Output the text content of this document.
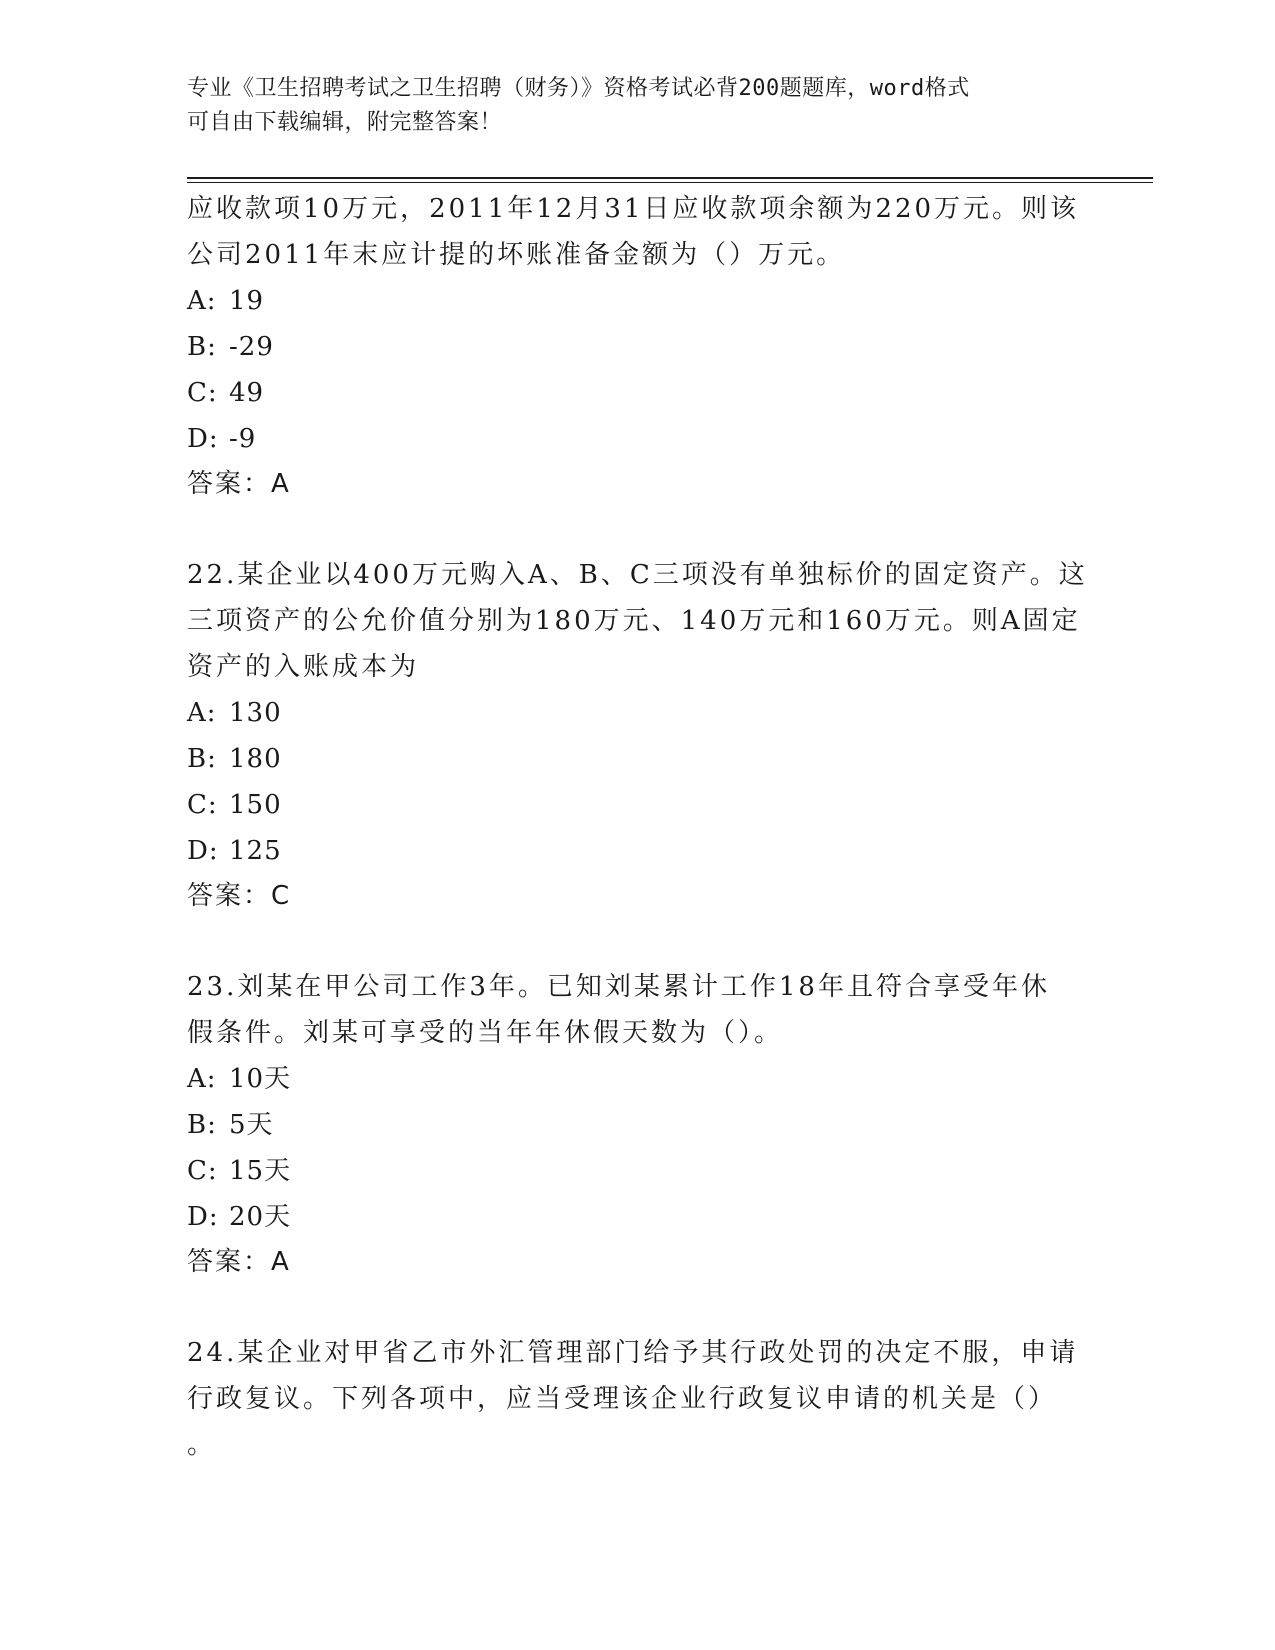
专业《卫生招聘考试之卫生招聘（财务）》资格考试必背200题题库，word格式
可自由下载编辑，附完整答案！
应收款项10万元，2011年12月31日应收款项余额为220万元。则该
公司2011年末应计提的坏账准备金额为（）万元。
A: 19
B: -29
C: 49
D: -9
答案：A
22.某企业以400万元购入A、B、C三项没有单独标价的固定资产。这
三项资产的公允价值分别为180万元、140万元和160万元。则A固定
资产的入账成本为
A: 130
B: 180
C: 150
D: 125
答案：C
23.刘某在甲公司工作3年。已知刘某累计工作18年且符合享受年休
假条件。刘某可享受的当年年休假天数为（）。
A: 10天
B: 5天
C: 15天
D: 20天
答案：A
24.某企业对甲省乙市外汇管理部门给予其行政处罚的决定不服，申请
行政复议。下列各项中，应当受理该企业行政复议申请的机关是（）
。
